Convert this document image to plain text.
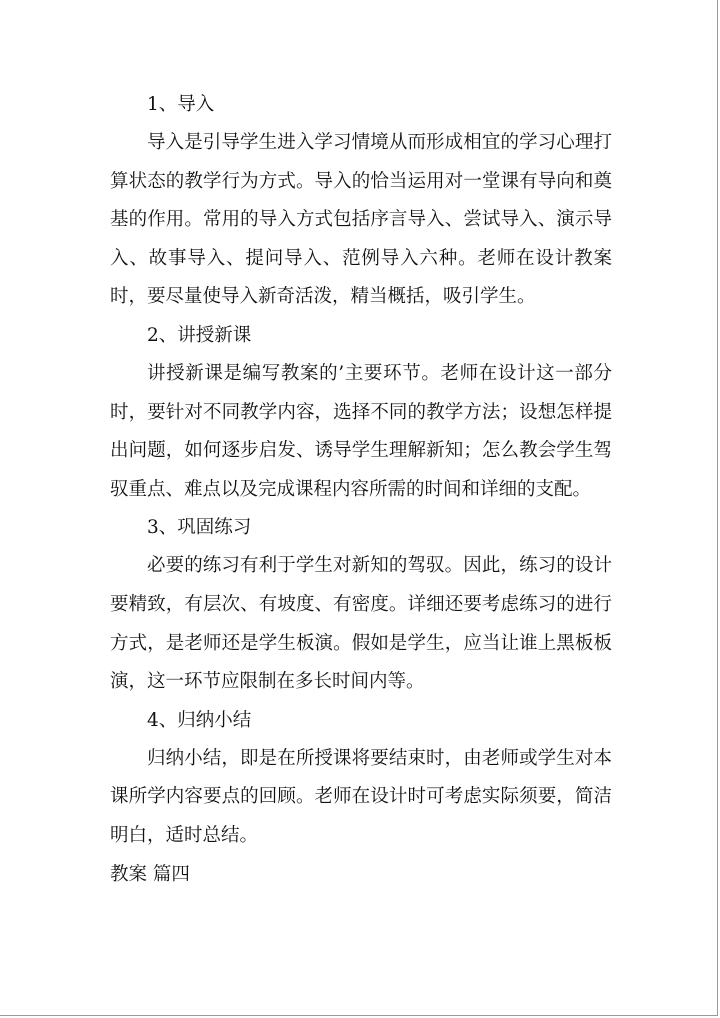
1、导入

导入是引导学生进入学习情境从而形成相宜的学习心理打算状态的教学行为方式。导入的恰当运用对一堂课有导向和奠基的作用。常用的导入方式包括序言导入、尝试导入、演示导入、故事导入、提问导入、范例导入六种。老师在设计教案时，要尽量使导入新奇活泼，精当概括，吸引学生。

2、讲授新课

讲授新课是编写教案的’主要环节。老师在设计这一部分时，要针对不同教学内容，选择不同的教学方法；设想怎样提出问题，如何逐步启发、诱导学生理解新知；怎么教会学生驾驭重点、难点以及完成课程内容所需的时间和详细的支配。

3、巩固练习

必要的练习有利于学生对新知的驾驭。因此，练习的设计要精致，有层次、有坡度、有密度。详细还要考虑练习的进行方式，是老师还是学生板演。假如是学生，应当让谁上黑板板演，这一环节应限制在多长时间内等。

4、归纳小结

归纳小结，即是在所授课将要结束时，由老师或学生对本课所学内容要点的回顾。老师在设计时可考虑实际须要，简洁明白，适时总结。

教案 篇四
